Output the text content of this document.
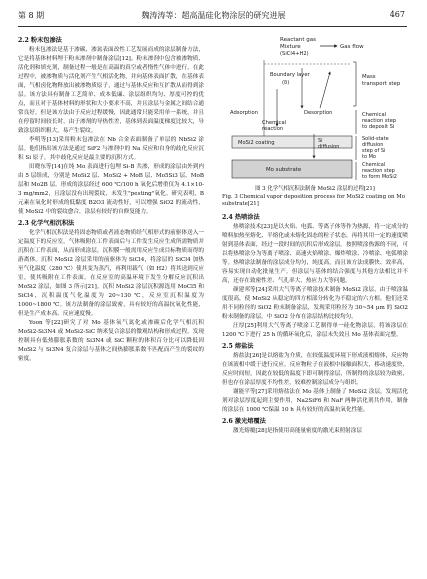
第 8 期	魏涛涛等：超高温硅化物涂层的研究进展	467
2.2 粉末包渗法

粉末包渗法是基于渗碳、渗氮表面改性工艺发展而成的涂层制备方法，它是将基体材料埋于粉末渗剂中制备涂层[12]。粉末渗剂中包含被渗物质、活化剂和填充剂，制备过程一般是在高温的真空或者惰性气体中进行，在此过程中，被渗物质与活化剂产生气相活化物，并向基体表面扩散，在基体表面，气相卤化物释放出被渗物质原子，通过与基体反应和互扩散从而得到涂层。该方法具有制备工艺简单、成本低廉、涂层组织均匀、厚度可控的优点，而且对于基体材料的形状和大小要求不高，并且涂层与金属之间结合通常良好。但是该方法由于反应过程缓慢，因此通常只能采用单一系统，并且在停留时间较长时，由于渗剂的导热性差，基体到表面温度梯度比较大，导致涂层组织粗大，易产生裂纹。

李明等[13]采用粉末包渗法在 Nb 合金表面制备了单层的 NbSi2 涂层。他们指出该方法是通过 SiF2 与渗剂中的 Na 反应和自身的歧化反应沉积 Si 原子，其中歧化反应是最主要的沉积方式。

田晓东等[14]在纯 Mo 表面进行包埋 Si-B 共渗，形成的涂层由外到内由 5 层组成，分别是 MoSi2 层、MoSi2 + MoB 层、Mo5Si3 层、MoB 层和 Mo2B 层。形成的涂层经过 600 ℃/100 h 氧化后增重仅为 4.1×10-3 mg/mm2，且涂层没有出现裂纹，未发生"pesting"氧化。研究表明，B 元素在氧化时形成的低黏度 B2O3 流动性好，可以增强 SiO2 的流动性，使 MoSi2 中的裂纹愈合，涂层有较好的自修复能力。

2.3 化学气相沉积法

化学气相沉积法是将固态物质或者液态物质经气相形式的前驱体送入一定温度下的反应室，气体吸附在工件表面后与工件发生反应生成所需物质并沉积在工件表面，从而形成涂层。沉积膜一般需用反应生成目标物质而得的游离体。沉积 MoSi2 涂层采用的前驱体为 SiCl4，将涂层的 SiCl4 加热至气化温度（280 ℃）使其变为蒸汽，再利用载气（如 H2）将其送到反应室，使其吸附在工件表面。在反应室的高温环境下发生分解反应沉积出 MoSi2 涂层，如图 3 所示[21]。沉积 MoSi2 涂层沉积源选用 MoCl5 和 SiCl4，沉积温度气化温度为 20~130 ℃，反应室沉积温度为 1000~1800 ℃。该方法制备的涂层致密，具有较好的高温抗氧化性能，但是生产成本高、反应速度慢。

Yoon 等[22]研究了对 Mo 基体氧气氮化或渗碳后化学气相沉积 MoSi2-Si3N4 或 MoSi2-SiC 纳米复合涂层的微观结构和形成过程。发现控制具有低热膨胀系数的 Si3N4 或 SiC 颗粒的体积百分比可以降低因 MoSi2 与 Si3N4 复合涂层与基体之间热膨胀系数不匹配而产生的裂纹的密度。

Reactant gas
Mixture
(SiCl4+H2)
Gas flow
Boundary layer
(δ)
Mass
transport step
Adsorption	Desorption
Chemical
reaction
Chemical
reaction step
to deposit Si
MoSi2 coating	Si
diffusion
Solid-state
diffusion
step of Si
to Mo
Mo substrate
Chemical
reaction step
to form MoSi2
图 3 化学气相沉积法制备 MoSi2 涂层的过程[21]
Fig. 3 Chemical vapor deposition process for MoSi2 coating on Mo substrate[21]
2.4 热喷涂法

热喷涂技术[23]是以火焰、电弧、等离子体等作为热源，将一定成分的喷料加热至熔化、半熔化或未熔化固态的粒子状态，再将其用一定的速度喷射到基体表面，经过一段时间的沉积后形成涂层。按照喷涂热源的不同，可以将热喷涂分为等离子喷涂、高速火焰喷涂、爆炸喷涂、冷喷涂、电弧喷涂等。热喷涂法制备的涂层成分均匀，纯度高，而且该方法成膜快、效率高，容易实现自动化批量生产。但涂层与基体的结合强度与其他方法相比并不高，还存在致密性差、气孔率大、热应力大等问题。

颜建邦等[24]采用大气等离子喷涂技术制备 MoSi2 涂层，由于喷涂温度很高，使 MoSi2 从稳定的四方相部分转化为不稳定的六方相。他们还采用不同粒径的 SiO2 粉末制备涂层，发现采用粒径为 30~54 μm 的 SiO2 粉末制备的涂层，中 SiO2 分布在涂层结构比较均匀。

汪厚[25]利用大气等离子喷涂工艺制得单一硅化物涂层，将该涂层在 1200 ℃下进行 25 h 的循环氧化后，涂层未失效且 Mo 基体表面完整。

2.5 熔盐法

熔盐法[26]是以熔盐为介质，在较低温度环境下形成液相熔体，反应物在该液相中缓于进行反应。反应物粒子在液相中接触面积大，移动速度快，反应时间短，因此在较低的温度下即可制得涂层，所制得的涂层较为致密，但也存在涂层厚度不均性差，较难控制涂层成分与组织。

谢能平等[27]采用熔盐法在 Mo 基体上制备了 MoSi2 涂层，发现活化剂对涂层厚度起到主要作用，Na2SiF6 和 NaF 两种活化剂共作用，制备的涂层在 1000 ℃保温 10 h 具有较好的高温抗氧化性能。

2.6 激光熔覆法

激光熔覆[28]是指使用高能量密度的激光束照射涂层
